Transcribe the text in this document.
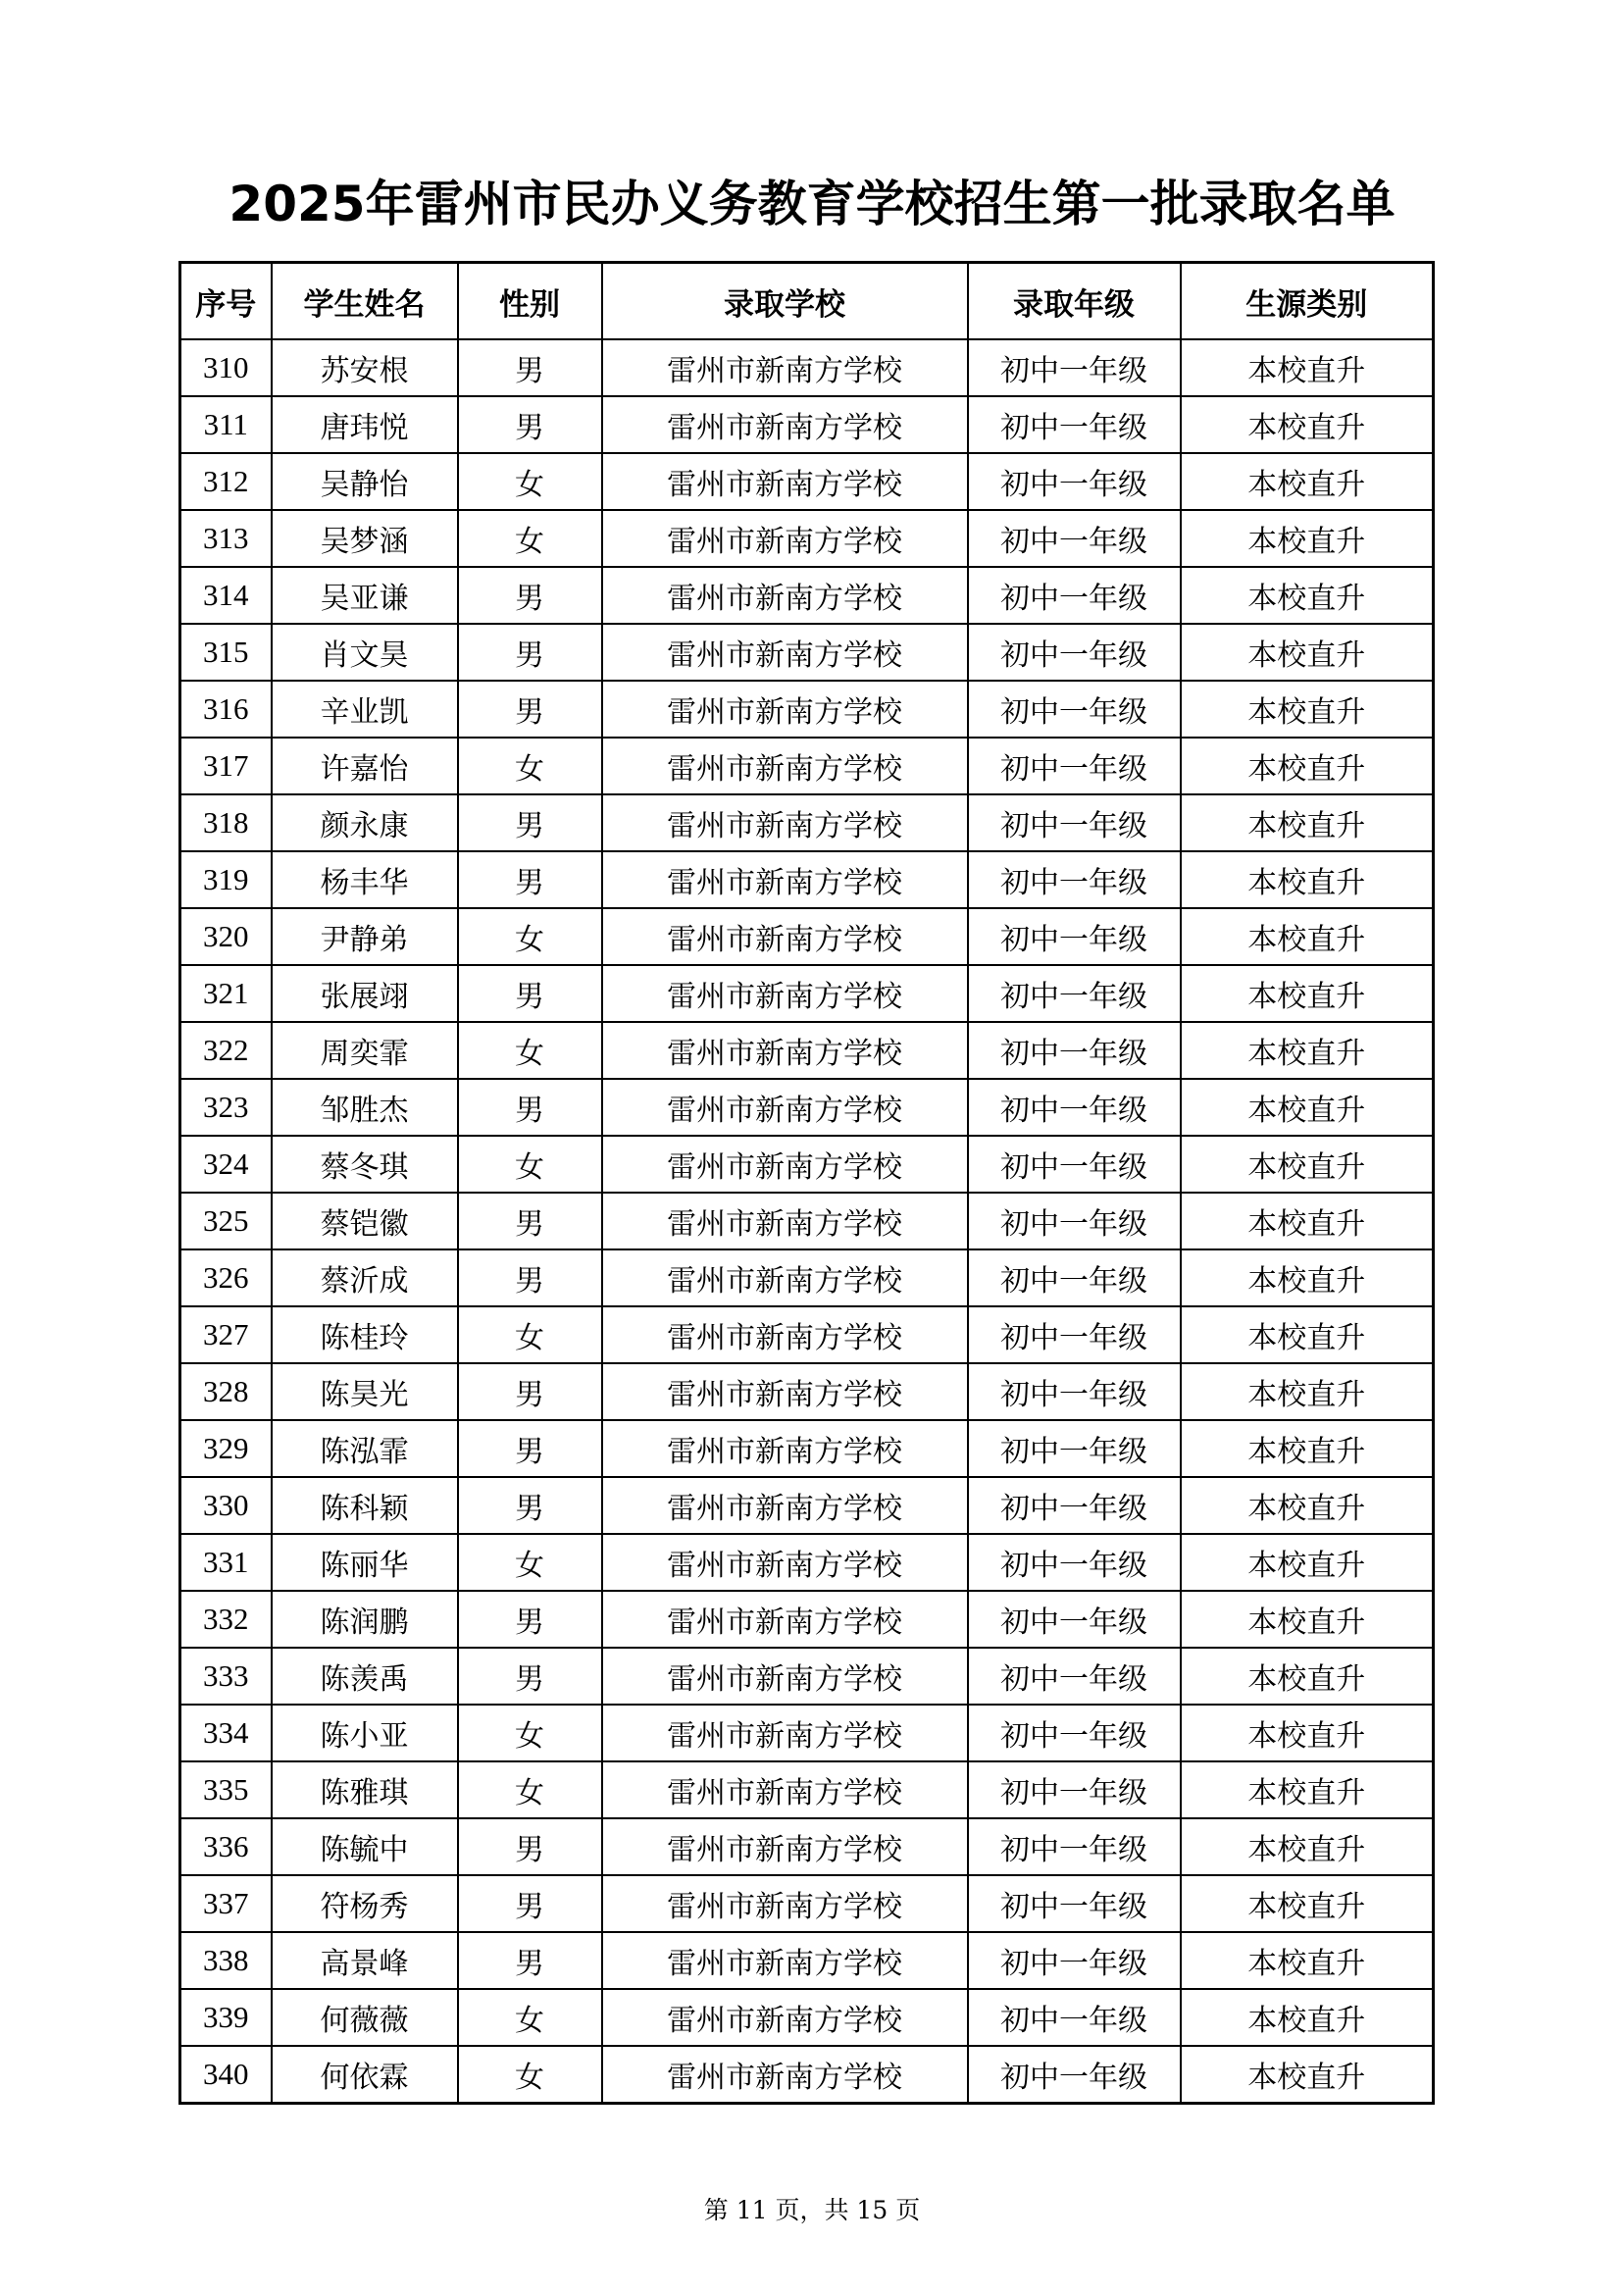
2025年雷州市民办义务教育学校招生第一批录取名单
序号	学生姓名	性别	录取学校	录取年级	生源类别
310	苏安根	男	雷州市新南方学校	初中一年级	本校直升
311	唐玮悦	男	雷州市新南方学校	初中一年级	本校直升
312	吴静怡	女	雷州市新南方学校	初中一年级	本校直升
313	吴梦涵	女	雷州市新南方学校	初中一年级	本校直升
314	吴亚谦	男	雷州市新南方学校	初中一年级	本校直升
315	肖文昊	男	雷州市新南方学校	初中一年级	本校直升
316	辛业凯	男	雷州市新南方学校	初中一年级	本校直升
317	许嘉怡	女	雷州市新南方学校	初中一年级	本校直升
318	颜永康	男	雷州市新南方学校	初中一年级	本校直升
319	杨丰华	男	雷州市新南方学校	初中一年级	本校直升
320	尹静弟	女	雷州市新南方学校	初中一年级	本校直升
321	张展翊	男	雷州市新南方学校	初中一年级	本校直升
322	周奕霏	女	雷州市新南方学校	初中一年级	本校直升
323	邹胜杰	男	雷州市新南方学校	初中一年级	本校直升
324	蔡冬琪	女	雷州市新南方学校	初中一年级	本校直升
325	蔡铠徽	男	雷州市新南方学校	初中一年级	本校直升
326	蔡沂成	男	雷州市新南方学校	初中一年级	本校直升
327	陈桂玲	女	雷州市新南方学校	初中一年级	本校直升
328	陈昊光	男	雷州市新南方学校	初中一年级	本校直升
329	陈泓霏	男	雷州市新南方学校	初中一年级	本校直升
330	陈科颖	男	雷州市新南方学校	初中一年级	本校直升
331	陈丽华	女	雷州市新南方学校	初中一年级	本校直升
332	陈润鹏	男	雷州市新南方学校	初中一年级	本校直升
333	陈羡禹	男	雷州市新南方学校	初中一年级	本校直升
334	陈小亚	女	雷州市新南方学校	初中一年级	本校直升
335	陈雅琪	女	雷州市新南方学校	初中一年级	本校直升
336	陈毓中	男	雷州市新南方学校	初中一年级	本校直升
337	符杨秀	男	雷州市新南方学校	初中一年级	本校直升
338	高景峰	男	雷州市新南方学校	初中一年级	本校直升
339	何薇薇	女	雷州市新南方学校	初中一年级	本校直升
340	何依霖	女	雷州市新南方学校	初中一年级	本校直升
第 11 页，共 15 页
